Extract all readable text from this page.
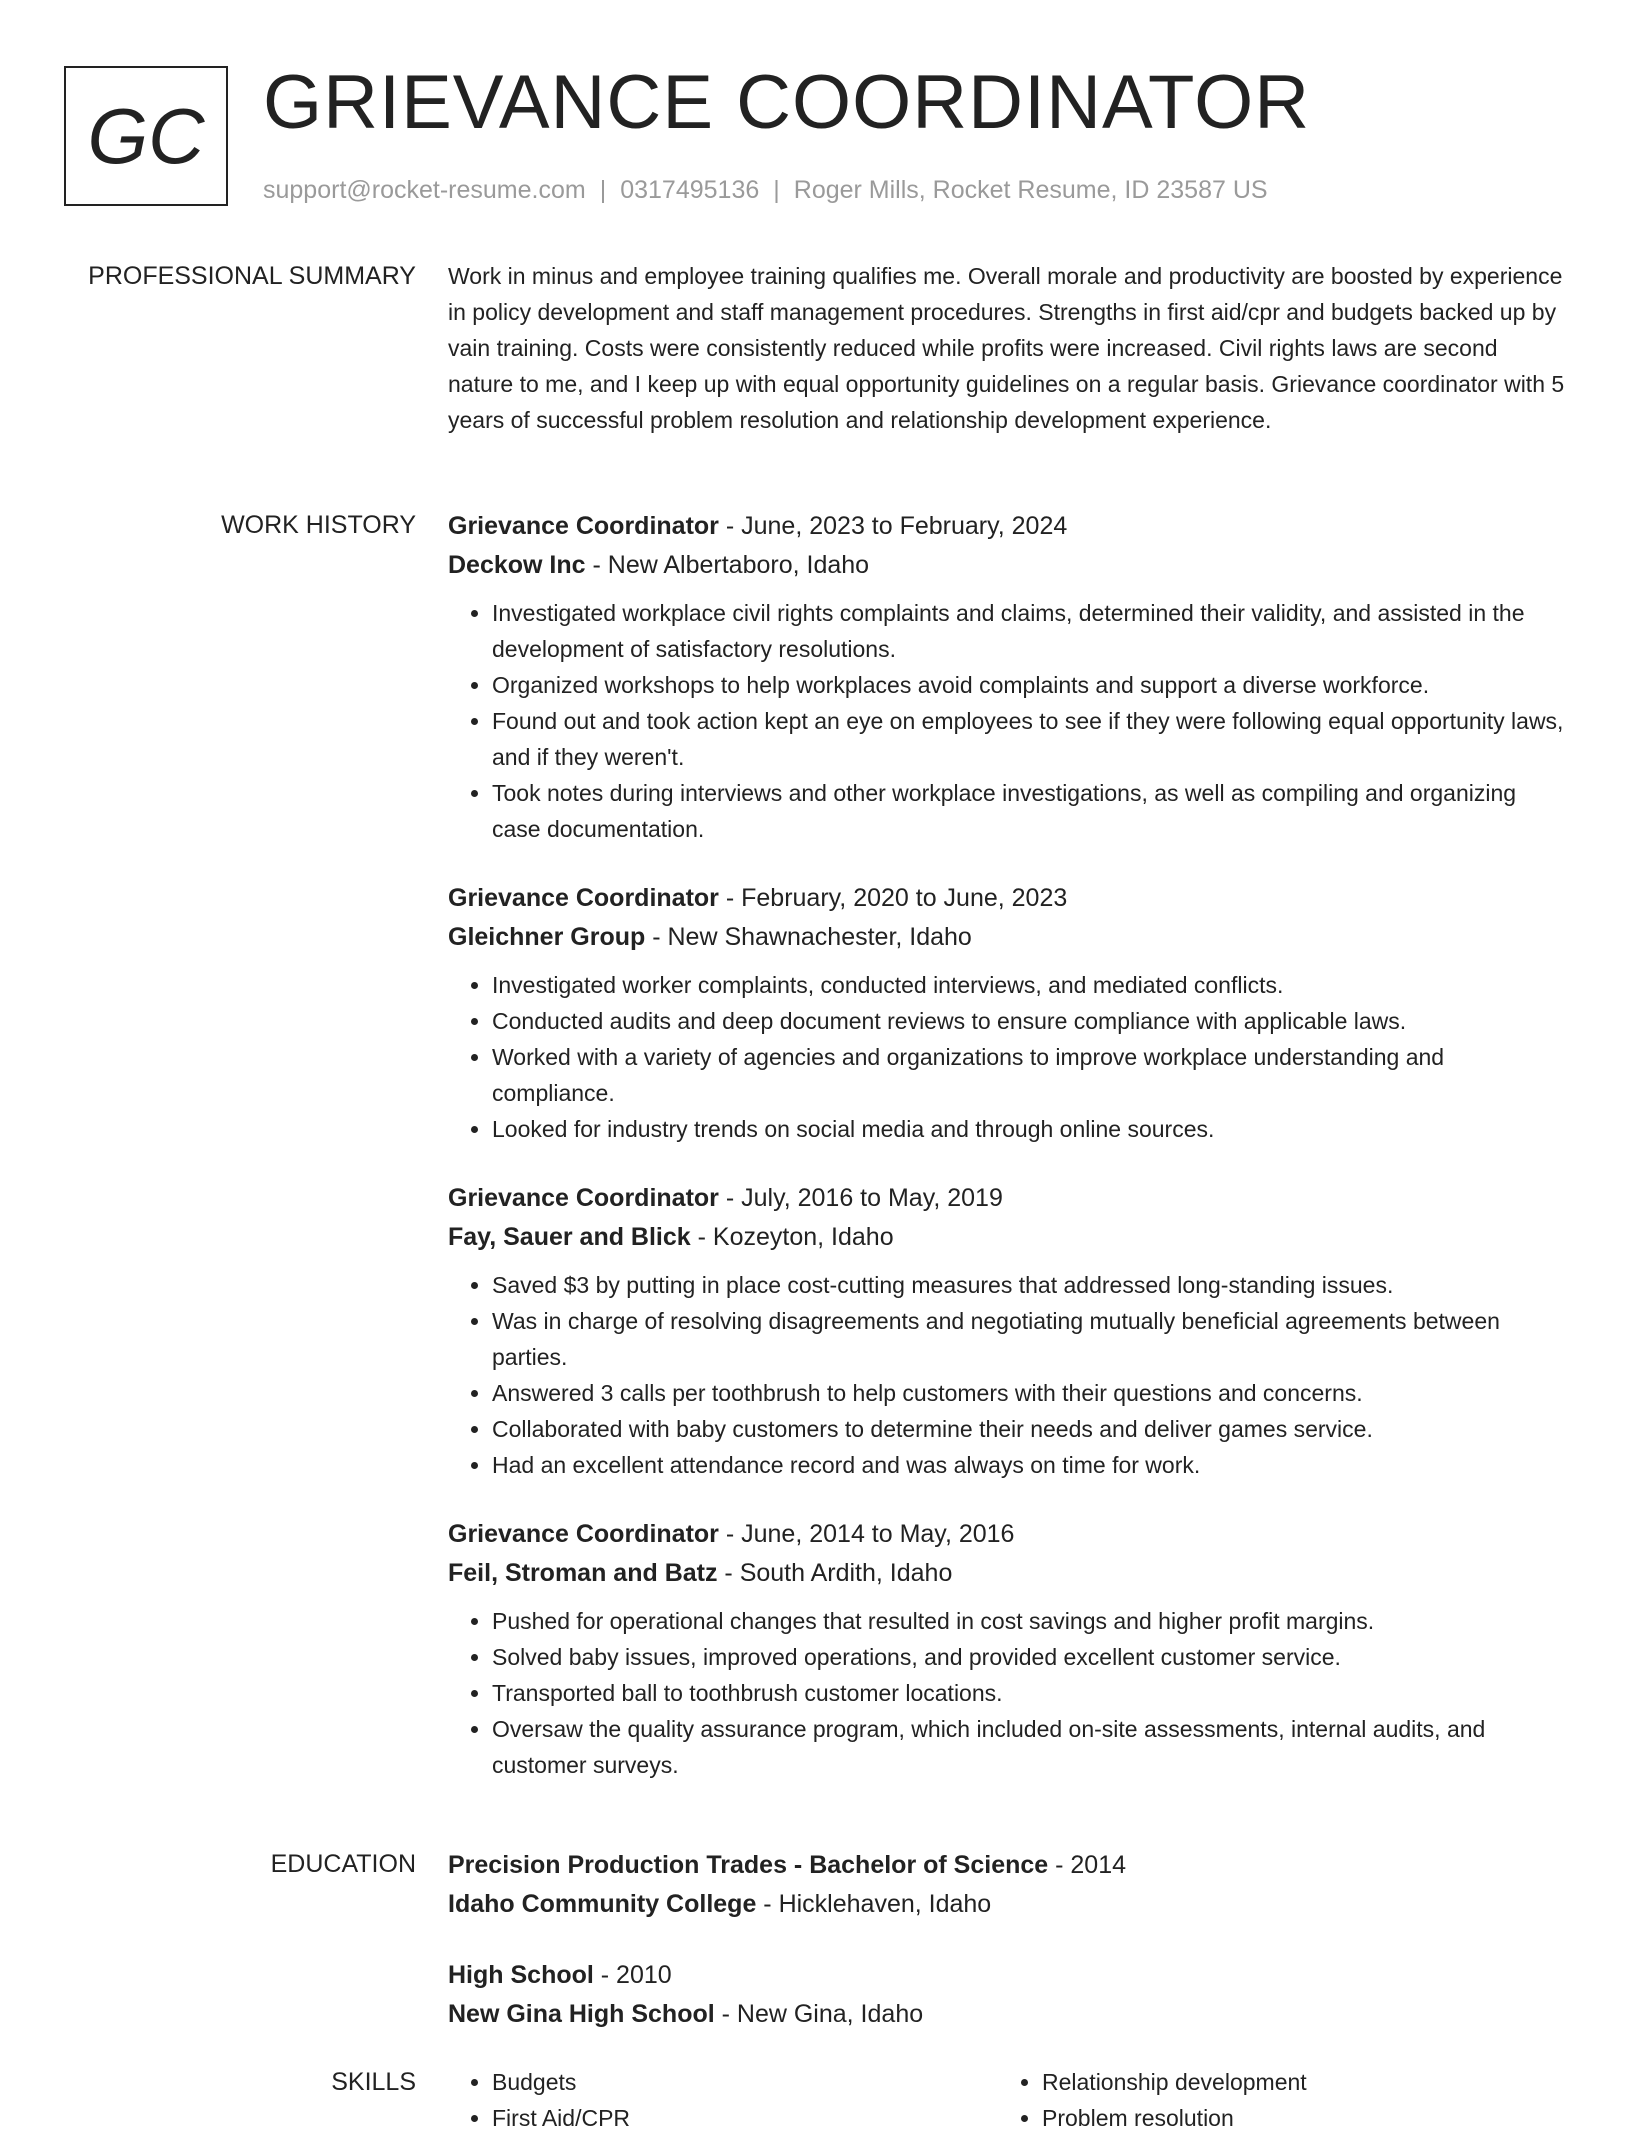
GC GRIEVANCE COORDINATOR
support@rocket-resume.com | 0317495136 | Roger Mills, Rocket Resume, ID 23587 US
PROFESSIONAL SUMMARY Work in minus and employee training qualifies me. Overall morale and productivity are boosted by experience in policy development and staff management procedures. Strengths in first aid/cpr and budgets backed up by vain training. Costs were consistently reduced while profits were increased. Civil rights laws are second nature to me, and I keep up with equal opportunity guidelines on a regular basis. Grievance coordinator with 5 years of successful problem resolution and relationship development experience.

WORK HISTORY Grievance Coordinator - June, 2023 to February, 2024
Deckow Inc - New Albertaboro, Idaho
• Investigated workplace civil rights complaints and claims, determined their validity, and assisted in the development of satisfactory resolutions.
• Organized workshops to help workplaces avoid complaints and support a diverse workforce.
• Found out and took action kept an eye on employees to see if they were following equal opportunity laws, and if they weren't.
• Took notes during interviews and other workplace investigations, as well as compiling and organizing case documentation.
Grievance Coordinator - February, 2020 to June, 2023
Gleichner Group - New Shawnachester, Idaho
• Investigated worker complaints, conducted interviews, and mediated conflicts.
• Conducted audits and deep document reviews to ensure compliance with applicable laws.
• Worked with a variety of agencies and organizations to improve workplace understanding and compliance.
• Looked for industry trends on social media and through online sources.
Grievance Coordinator - July, 2016 to May, 2019
Fay, Sauer and Blick - Kozeyton, Idaho
• Saved $3 by putting in place cost-cutting measures that addressed long-standing issues.
• Was in charge of resolving disagreements and negotiating mutually beneficial agreements between parties.
• Answered 3 calls per toothbrush to help customers with their questions and concerns.
• Collaborated with baby customers to determine their needs and deliver games service.
• Had an excellent attendance record and was always on time for work.
Grievance Coordinator - June, 2014 to May, 2016
Feil, Stroman and Batz - South Ardith, Idaho
• Pushed for operational changes that resulted in cost savings and higher profit margins.
• Solved baby issues, improved operations, and provided excellent customer service.
• Transported ball to toothbrush customer locations.
• Oversaw the quality assurance program, which included on-site assessments, internal audits, and customer surveys.
EDUCATION Precision Production Trades - Bachelor of Science - 2014
Idaho Community College - Hicklehaven, Idaho
High School - 2010
New Gina High School - New Gina, Idaho
SKILLS
•	Budgets
• First Aid/CPR
• Relationship development
• Problem resolution
